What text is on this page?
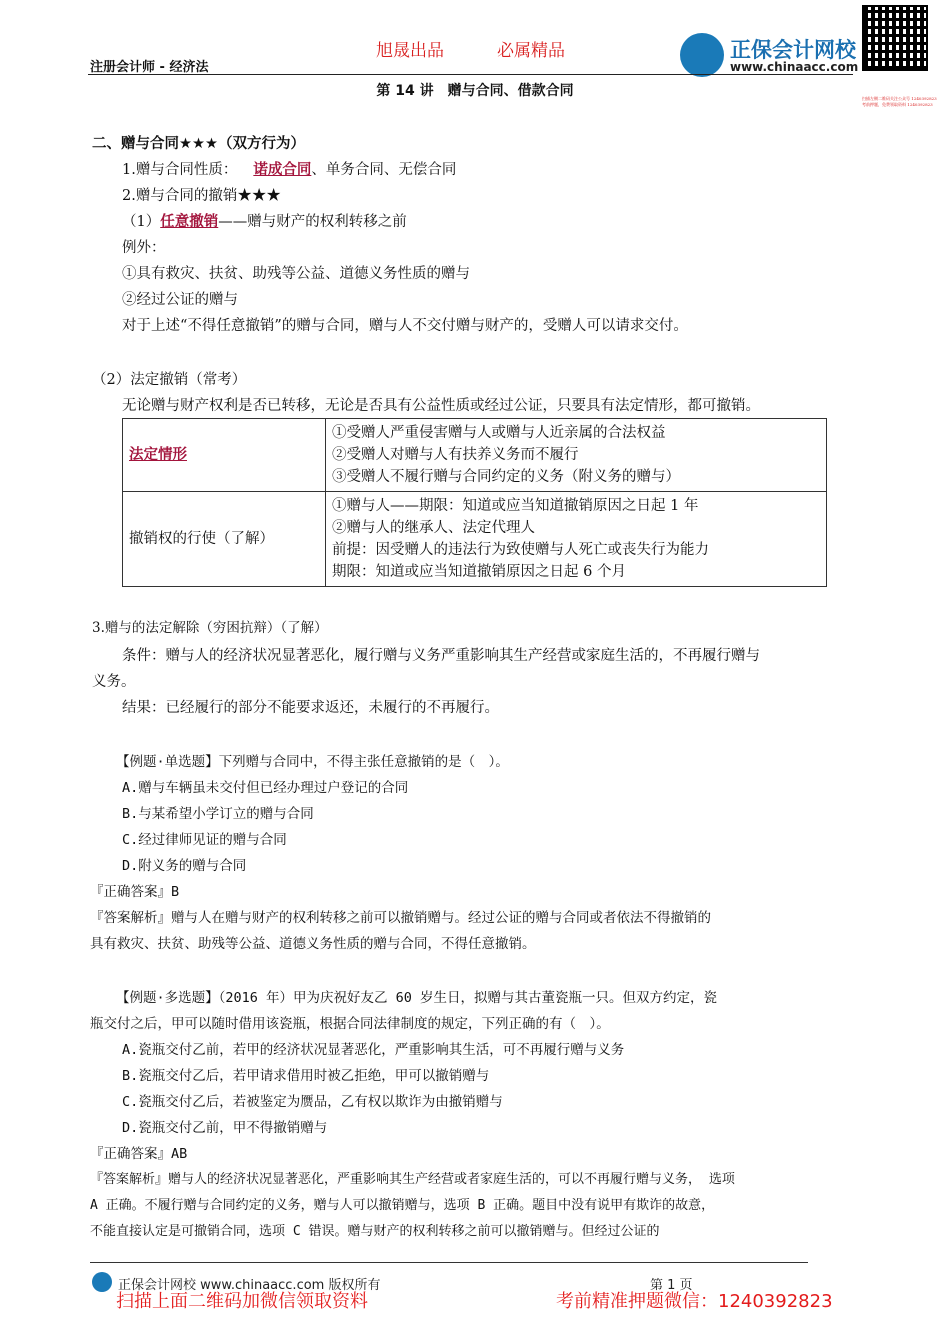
旭晟出品	必属精品
注册会计师 - 经济法
正保会计网校
www.chinaacc.com
扫描左侧二维码关注公众号 1240392823
考前押题，免费领取资料 1240392823
第 14 讲　赠与合同、借款合同
二、赠与合同★★★（双方行为）
1.赠与合同性质： 诺成合同、单务合同、无偿合同
2.赠与合同的撤销★★★
（1）任意撤销——赠与财产的权利转移之前
例外：
①具有救灾、扶贫、助残等公益、道德义务性质的赠与
②经过公证的赠与
对于上述“不得任意撤销”的赠与合同，赠与人不交付赠与财产的，受赠人可以请求交付。
（2）法定撤销（常考）
无论赠与财产权利是否已转移，无论是否具有公益性质或经过公证，只要具有法定情形，都可撤销。
法定情形	①受赠人严重侵害赠与人或赠与人近亲属的合法权益
②受赠人对赠与人有扶养义务而不履行
③受赠人不履行赠与合同约定的义务（附义务的赠与）

撤销权的行使（了解）	①赠与人——期限：知道或应当知道撤销原因之日起 1 年
②赠与人的继承人、法定代理人
前提：因受赠人的违法行为致使赠与人死亡或丧失行为能力
期限：知道或应当知道撤销原因之日起 6 个月
3.赠与的法定解除（穷困抗辩）（了解）
条件：赠与人的经济状况显著恶化，履行赠与义务严重影响其生产经营或家庭生活的，不再履行赠与
义务。
结果：已经履行的部分不能要求返还，未履行的不再履行。
【例题·单选题】下列赠与合同中，不得主张任意撤销的是（　）。
A.赠与车辆虽未交付但已经办理过户登记的合同
B.与某希望小学订立的赠与合同
C.经过律师见证的赠与合同
D.附义务的赠与合同
『正确答案』B
『答案解析』赠与人在赠与财产的权利转移之前可以撤销赠与。经过公证的赠与合同或者依法不得撤销的
具有救灾、扶贫、助残等公益、道德义务性质的赠与合同，不得任意撤销。
【例题·多选题】（2016 年）甲为庆祝好友乙 60 岁生日，拟赠与其古董瓷瓶一只。但双方约定，瓷
瓶交付之后，甲可以随时借用该瓷瓶，根据合同法律制度的规定，下列正确的有（　）。
A.瓷瓶交付乙前，若甲的经济状况显著恶化，严重影响其生活，可不再履行赠与义务
B.瓷瓶交付乙后，若甲请求借用时被乙拒绝，甲可以撤销赠与
C.瓷瓶交付乙后，若被鉴定为赝品，乙有权以欺诈为由撤销赠与
D.瓷瓶交付乙前，甲不得撤销赠与
『正确答案』AB
『答案解析』赠与人的经济状况显著恶化，严重影响其生产经营或者家庭生活的，可以不再履行赠与义务， 选项
A 正确。不履行赠与合同约定的义务，赠与人可以撤销赠与，选项 B 正确。题目中没有说甲有欺诈的故意，
不能直接认定是可撤销合同，选项 C 错误。赠与财产的权利转移之前可以撤销赠与。但经过公证的
正保会计网校 www.chinaacc.com 版权所有	第 1 页
扫描上面二维码加微信领取资料	考前精准押题微信：1240392823
